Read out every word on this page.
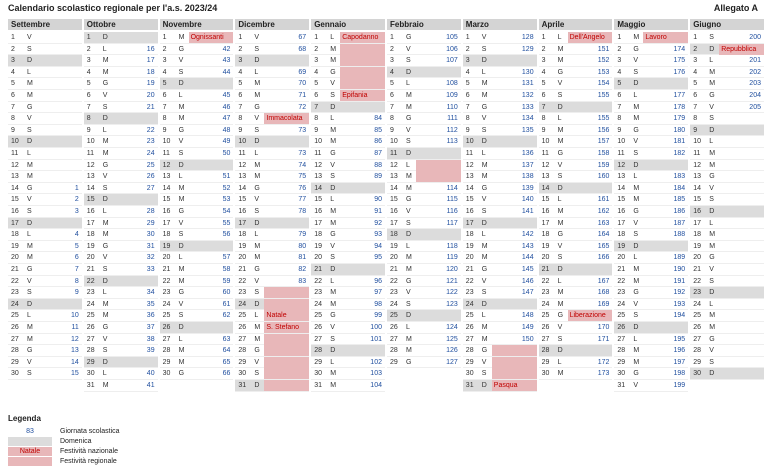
Calendario scolastico regionale per l'a.s. 2023/24	Allegato A
Settembre
1	V
2	S
3	D
4	L
5	M
6	M
7	G
8	V
9	S
10	D
11	L
12	M
13	M
14	G	1
15	V	2
16	S	3
17	D
18	L	4
19	M	5
20	M	6
21	G	7
22	V	8
23	S	9
24	D
25	L	10
26	M	11
27	M	12
28	G	13
29	V	14
30	S	15
Ottobre
1	D
2	L	16
3	M	17
4	M	18
5	G	19
6	V	20
7	S	21
8	D
9	L	22
10	M	23
11	M	24
12	G	25
13	V	26
14	S	27
15	D
16	L	28
17	M	29
18	M	30
19	G	31
20	V	32
21	S	33
22	D
23	L	34
24	M	35
25	M	36
26	G	37
27	V	38
28	S	39
29	D
30	L	40
31	M	41
Novembre
1	M Ognissanti
2	G	42
3	V	43
4	S	44
5	D
6	L	45
7	M	46
8	M	47
9	G	48
10	V	49
11	S	50
12	D
13	L	51
14	M	52
15	M	53
16	G	54
17	V	55
18	S	56
19	D
20	L	57
21	M	58
22	M	59
23	G	60
24	V	61
25	S	62
26	D
27	L	63
28	M	64
29	M	65
30	G	66
Dicembre
1	V	67
2	S	68
3	D
4	L	69
5	M	70
6	M	71
7	G	72
8	V	Immacolata
9	S	73
10	D
11	L	73
12	M	74
13	M	75
14	G	76
15	V	77
16	S	78
17	D
18	L	79
19	M	80
20	M	81
21	G	82
22	V	83
23	S
24	D
25	L	Natale
26	M S. Stefano
27	M
28	G
29	V
30	S
31	D
Gennaio
1	L	Capodanno
2	M
3	M
4	G
5	V
6	S	Epifania
7	D
8	L	84
9	M	85
10	M	86
11	G	87
12	V	88
13	S	89
14	D
15	L	90
16	M	91
17	M	92
18	G	93
19	V	94
20	S	95
21	D
22	L	96
23	M	97
24	M	98
25	G	99
26	V	100
27	S	101
28	D
29	L	102
30	M	103
31	M	104
Febbraio
1	G	105
2	V	106
3	S	107
4	D
5	L	108
6	M	109
7	M	110
8	G	111
9	V	112
10	S	113
11	D
12	L
13	M
14	M	114
15	G	115
16	V	116
17	S	117
18	D
19	L	118
20	M	119
21	M	120
22	G	121
23	V	122
24	S	123
25	D
26	L	124
27	M	125
28	M	126
29	G	127
Marzo
1	V	128
2	S	129
3	D
4	L	130
5	M	131
6	M	132
7	G	133
8	V	134
9	S	135
10	D
11	L	136
12	M	137
13	M	138
14	G	139
15	V	140
16	S	141
17	D
18	L	142
19	M	143
20	M	144
21	G	145
22	V	146
23	S	147
24	D
25	L	148
26	M	149
27	M	150
28	G
29	V
30	S
31	D Pasqua
Aprile
1	L	Dell'Angelo
2	M	151
3	M	152
4	G	153
5	V	154
6	S	155
7	D
8	L	155
9	M	156
10	M	157
11	G	158
12	V	159
13	S	160
14	D
15	L	161
16	M	162
17	M	163
18	G	164
19	V	165
20	S	166
21	D
22	L	167
23	M	168
24	M	169
25	G Liberazione
26	V	170
27	S	171
28	D
29	L	172
30	M	173
Maggio
1	M Lavoro
2	G	174
3	V	175
4	S	176
5	D
6	L	177
7	M	178
8	M	179
9	G	180
10	V	181
11	S	182
12	D
13	L	183
14	M	184
15	M	185
16	G	186
17	V	187
18	S	188
19	D
20	L	189
21	M	190
22	M	191
23	G	192
24	V	193
25	S	194
26	D
27	L	195
28	M	196
29	M	197
30	G	198
31	V	199
Giugno
1	S	200
2	D Repubblica
3	L	201
4	M	202
5	M	203
6	G	204
7	V	205
8	S
9	D
10	L
11	M
12	M
13	G
14	V
15	S
16	D
17	L
18	M
19	M
20	G
21	V
22	S
23	D
24	L
25	M
26	M
27	G
28	V
29	S
30	D
Legenda
83	Giornata scolastica
Domenica
Natale	Festività nazionale
Festività regionale
